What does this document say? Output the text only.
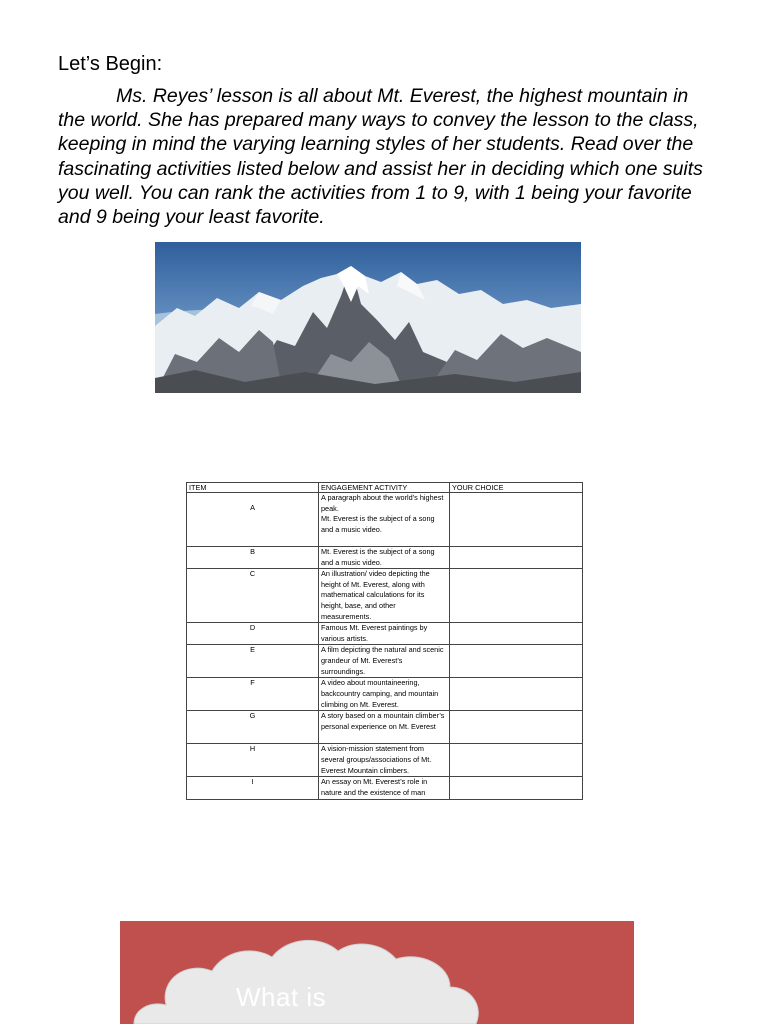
Let’s Begin:
Ms. Reyes’ lesson is all about Mt. Everest, the highest mountain in the world. She has prepared many ways to convey the lesson to the class, keeping in mind the varying learning styles of her students. Read over the fascinating activities listed below and assist her in deciding which one suits you well. You can rank the activities from 1 to 9, with 1 being your favorite and 9 being your least favorite.
ITEM	ENGAGEMENT ACTIVITY	YOUR CHOICE
A	A paragraph about the world’s highest peak.
Mt. Everest is the subject of a song and a music video.	
B	Mt. Everest is the subject of a song and a music video.	
C	An illustration/ video depicting the height of Mt. Everest, along with mathematical calculations for its height, base, and other measurements.	
D	Famous Mt. Everest paintings by various artists.	
E	A film depicting the natural and scenic grandeur of Mt. Everest’s surroundings.	
F	A video about mountaineering, backcountry camping, and mountain climbing on Mt. Everest.	
G	A story based on a mountain climber’s personal experience on Mt. Everest	
H	A vision-mission statement from several groups/associations of Mt. Everest Mountain climbers.	
I	An essay on Mt. Everest’s role in nature and the existence of man	
What is
